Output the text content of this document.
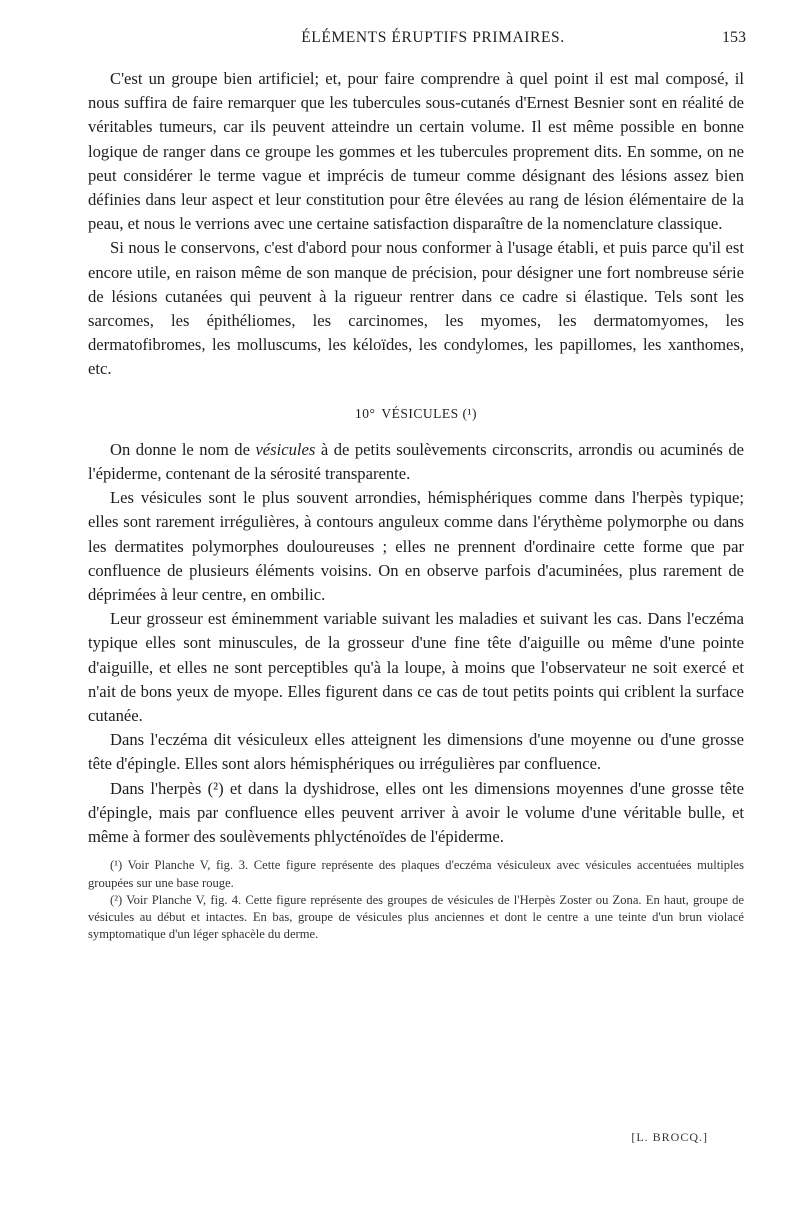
ÉLÉMENTS ÉRUPTIFS PRIMAIRES.	153

C'est un groupe bien artificiel; et, pour faire comprendre à quel point il est mal composé, il nous suffira de faire remarquer que les tubercules sous-cutanés d'Ernest Besnier sont en réalité de véritables tumeurs, car ils peuvent atteindre un certain volume. Il est même possible en bonne logique de ranger dans ce groupe les gommes et les tubercules proprement dits. En somme, on ne peut considérer le terme vague et imprécis de tumeur comme désignant des lésions assez bien définies dans leur aspect et leur constitution pour être élevées au rang de lésion élémentaire de la peau, et nous le verrions avec une certaine satisfaction disparaître de la nomenclature classique.

Si nous le conservons, c'est d'abord pour nous conformer à l'usage établi, et puis parce qu'il est encore utile, en raison même de son manque de précision, pour désigner une fort nombreuse série de lésions cutanées qui peuvent à la rigueur rentrer dans ce cadre si élastique. Tels sont les sarcomes, les épithéliomes, les carcinomes, les myomes, les dermatomyomes, les dermatofibromes, les molluscums, les kéloïdes, les condylomes, les papillomes, les xanthomes, etc.

10° VÉSICULES (¹)

On donne le nom de vésicules à de petits soulèvements circonscrits, arrondis ou acuminés de l'épiderme, contenant de la sérosité transparente.

Les vésicules sont le plus souvent arrondies, hémisphériques comme dans l'herpès typique; elles sont rarement irrégulières, à contours anguleux comme dans l'érythème polymorphe ou dans les dermatites polymorphes douloureuses ; elles ne prennent d'ordinaire cette forme que par confluence de plusieurs éléments voisins. On en observe parfois d'acuminées, plus rarement de déprimées à leur centre, en ombilic.

Leur grosseur est éminemment variable suivant les maladies et suivant les cas. Dans l'eczéma typique elles sont minuscules, de la grosseur d'une fine tête d'aiguille ou même d'une pointe d'aiguille, et elles ne sont perceptibles qu'à la loupe, à moins que l'observateur ne soit exercé et n'ait de bons yeux de myope. Elles figurent dans ce cas de tout petits points qui criblent la surface cutanée.

Dans l'eczéma dit vésiculeux elles atteignent les dimensions d'une moyenne ou d'une grosse tête d'épingle. Elles sont alors hémisphériques ou irrégulières par confluence.

Dans l'herpès (²) et dans la dyshidrose, elles ont les dimensions moyennes d'une grosse tête d'épingle, mais par confluence elles peuvent arriver à avoir le volume d'une véritable bulle, et même à former des soulèvements phlycténoïdes de l'épiderme.

(¹) Voir Planche V, fig. 3. Cette figure représente des plaques d'eczéma vésiculeux avec vésicules accentuées multiples groupées sur une base rouge.

(²) Voir Planche V, fig. 4. Cette figure représente des groupes de vésicules de l'Herpès Zoster ou Zona. En haut, groupe de vésicules au début et intactes. En bas, groupe de vésicules plus anciennes et dont le centre a une teinte d'un brun violacé symptomatique d'un léger sphacèle du derme.

[L. BROCQ.]
